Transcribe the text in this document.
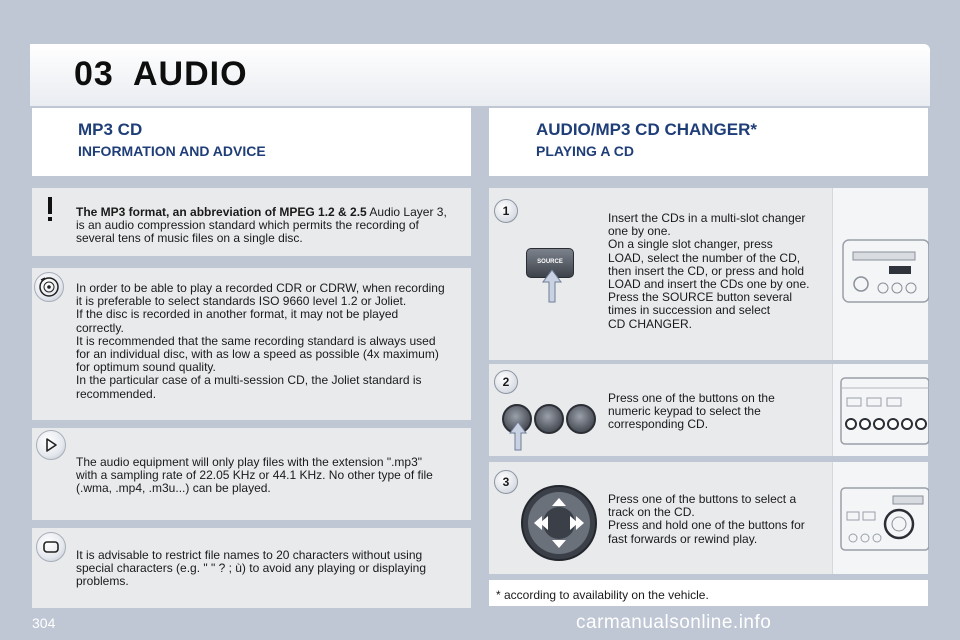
03 AUDIO
MP3 CD
INFORMATION AND ADVICE
AUDIO/MP3 CD CHANGER*
PLAYING A CD
The MP3 format, an abbreviation of MPEG 1.2 & 2.5 Audio Layer 3,
is an audio compression standard which permits the recording of
several tens of music files on a single disc.
In order to be able to play a recorded CDR or CDRW, when recording
it is preferable to select standards ISO 9660 level 1.2 or Joliet.
If the disc is recorded in another format, it may not be played
correctly.
It is recommended that the same recording standard is always used
for an individual disc, with as low a speed as possible (4x maximum)
for optimum sound quality.
In the particular case of a multi-session CD, the Joliet standard is
recommended.
The audio equipment will only play files with the extension ".mp3"
with a sampling rate of 22.05 KHz or 44.1 KHz. No other type of file
(.wma, .mp4, .m3u...) can be played.
It is advisable to restrict file names to 20 characters without using
special characters (e.g. " " ? ; ù) to avoid any playing or displaying
problems.
1
SOURCE
Insert the CDs in a multi-slot changer
one by one.
On a single slot changer, press
LOAD, select the number of the CD,
then insert the CD, or press and hold
LOAD and insert the CDs one by one.
Press the SOURCE button several
times in succession and select
CD CHANGER.
2
Press one of the buttons on the
numeric keypad to select the
corresponding CD.
3
Press one of the buttons to select a
track on the CD.
Press and hold one of the buttons for
fast forwards or rewind play.
* according to availability on the vehicle.
304	carmanualsonline.info
